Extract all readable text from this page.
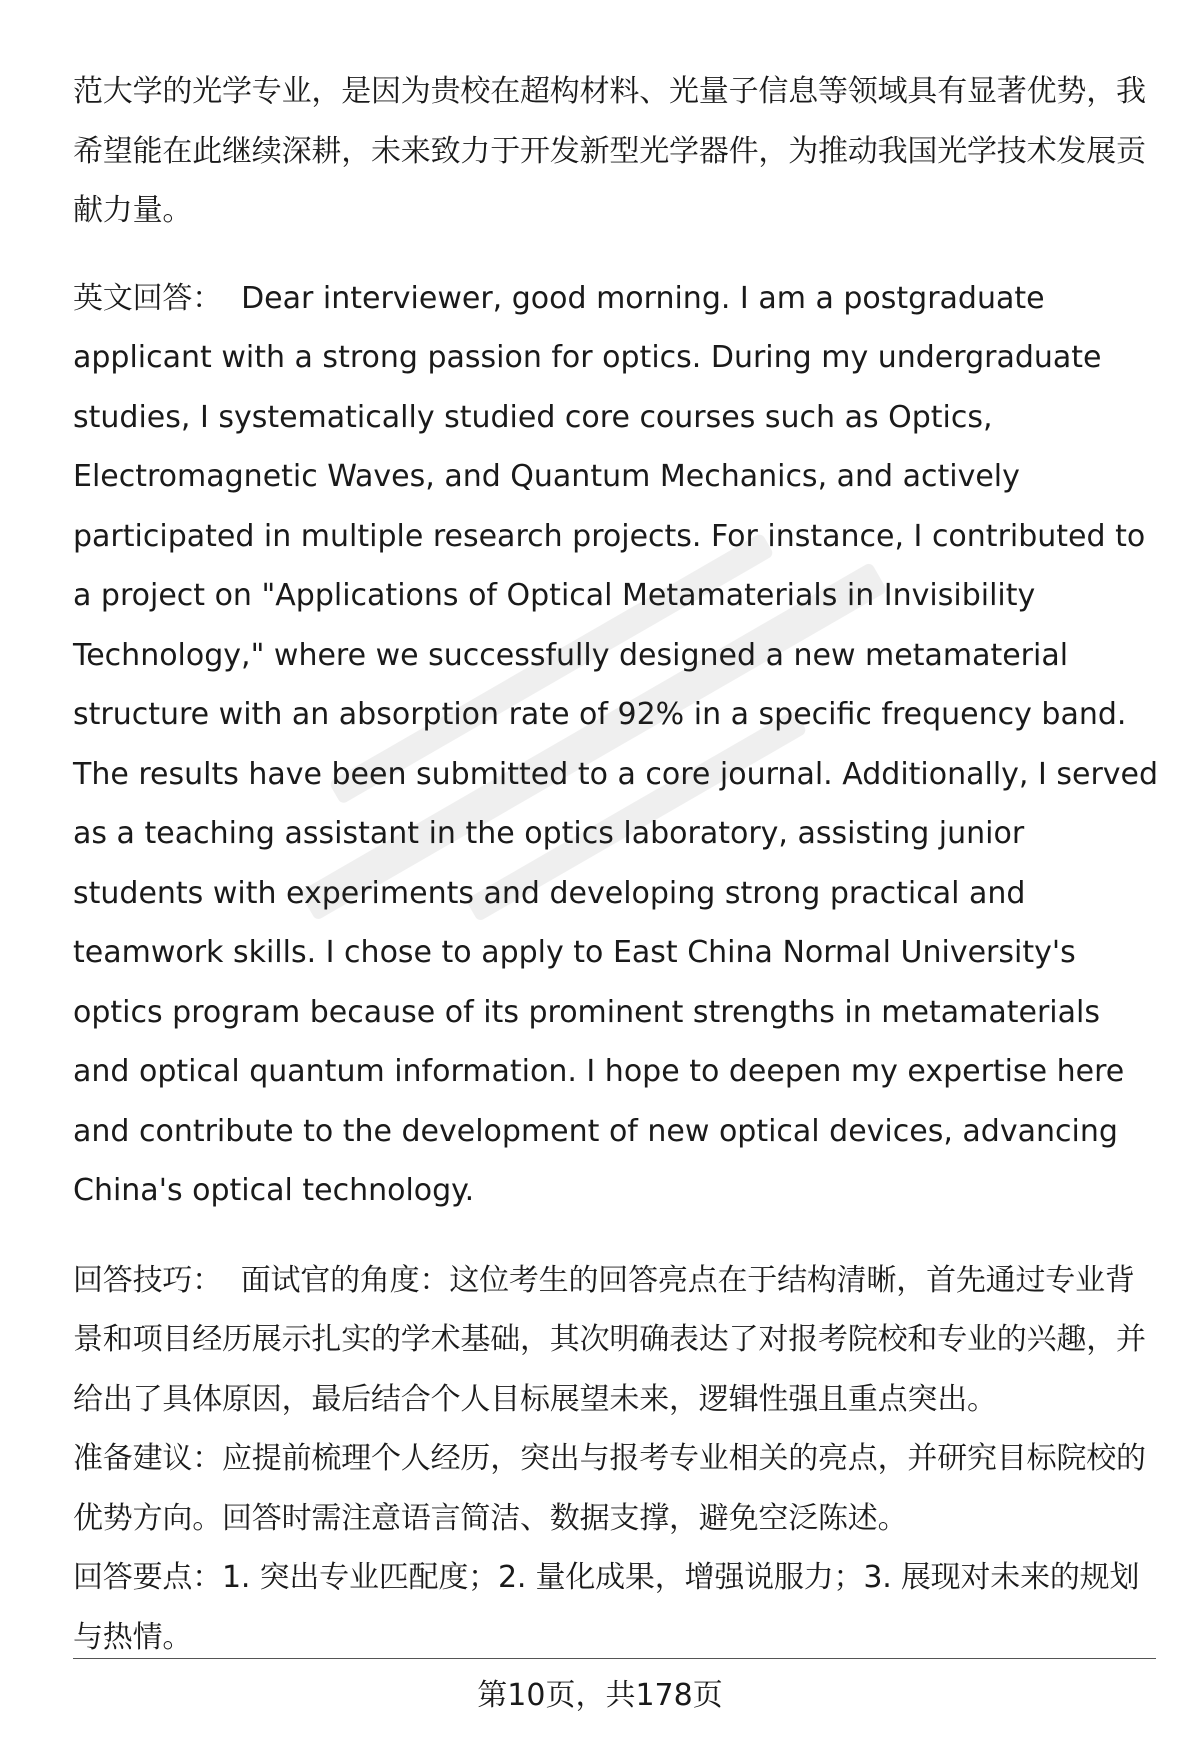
范大学的光学专业，是因为贵校在超构材料、光量子信息等领域具有显著优势，我希望能在此继续深耕，未来致力于开发新型光学器件，为推动我国光学技术发展贡献力量。

英文回答： Dear interviewer, good morning. I am a postgraduate applicant with a strong passion for optics. During my undergraduate studies, I systematically studied core courses such as Optics, Electromagnetic Waves, and Quantum Mechanics, and actively participated in multiple research projects. For instance, I contributed to a project on "Applications of Optical Metamaterials in Invisibility Technology," where we successfully designed a new metamaterial structure with an absorption rate of 92% in a specific frequency band. The results have been submitted to a core journal. Additionally, I served as a teaching assistant in the optics laboratory, assisting junior students with experiments and developing strong practical and teamwork skills. I chose to apply to East China Normal University's optics program because of its prominent strengths in metamaterials and optical quantum information. I hope to deepen my expertise here and contribute to the development of new optical devices, advancing China's optical technology.

回答技巧： 面试官的角度：这位考生的回答亮点在于结构清晰，首先通过专业背景和项目经历展示扎实的学术基础，其次明确表达了对报考院校和专业的兴趣，并给出了具体原因，最后结合个人目标展望未来，逻辑性强且重点突出。

准备建议：应提前梳理个人经历，突出与报考专业相关的亮点，并研究目标院校的优势方向。回答时需注意语言简洁、数据支撑，避免空泛陈述。

回答要点：1. 突出专业匹配度；2. 量化成果，增强说服力；3. 展现对未来的规划与热情。

第10页，共178页
